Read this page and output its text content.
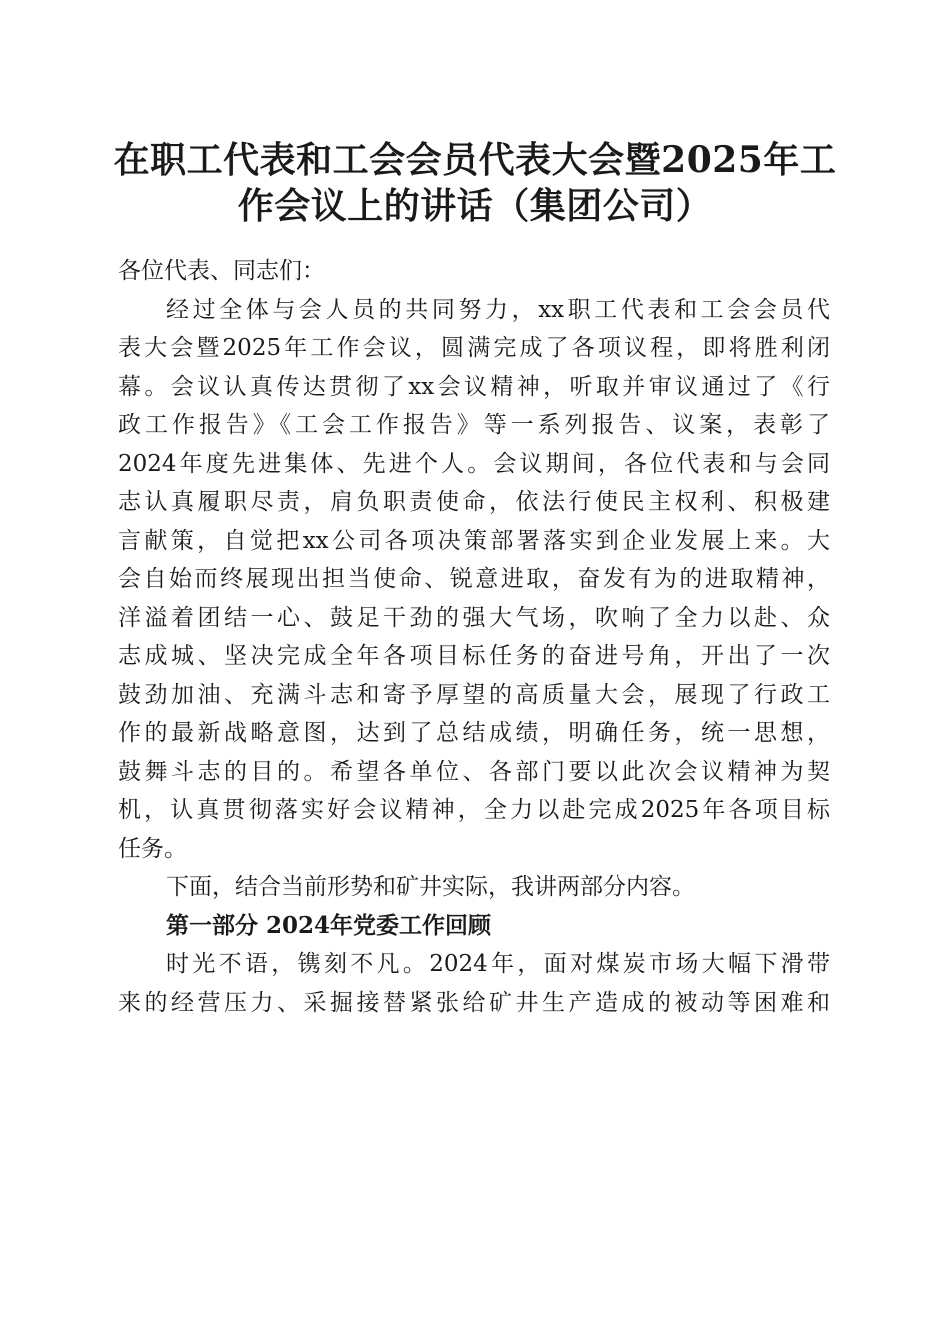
在职工代表和工会会员代表大会暨2025年工
作会议上的讲话（集团公司）
各位代表、同志们：
经过全体与会人员的共同努力，xx职工代表和工会会员代
表大会暨2025年工作会议，圆满完成了各项议程，即将胜利闭
幕。会议认真传达贯彻了xx会议精神，听取并审议通过了《行
政工作报告》《工会工作报告》等一系列报告、议案，表彰了
2024年度先进集体、先进个人。会议期间，各位代表和与会同
志认真履职尽责，肩负职责使命，依法行使民主权利、积极建
言献策，自觉把xx公司各项决策部署落实到企业发展上来。大
会自始而终展现出担当使命、锐意进取，奋发有为的进取精神，
洋溢着团结一心、鼓足干劲的强大气场，吹响了全力以赴、众
志成城、坚决完成全年各项目标任务的奋进号角，开出了一次
鼓劲加油、充满斗志和寄予厚望的高质量大会，展现了行政工
作的最新战略意图，达到了总结成绩，明确任务，统一思想，
鼓舞斗志的目的。希望各单位、各部门要以此次会议精神为契
机，认真贯彻落实好会议精神，全力以赴完成2025年各项目标
任务。
下面，结合当前形势和矿井实际，我讲两部分内容。
第一部分 2024年党委工作回顾
时光不语，镌刻不凡。2024年，面对煤炭市场大幅下滑带
来的经营压力、采掘接替紧张给矿井生产造成的被动等困难和
